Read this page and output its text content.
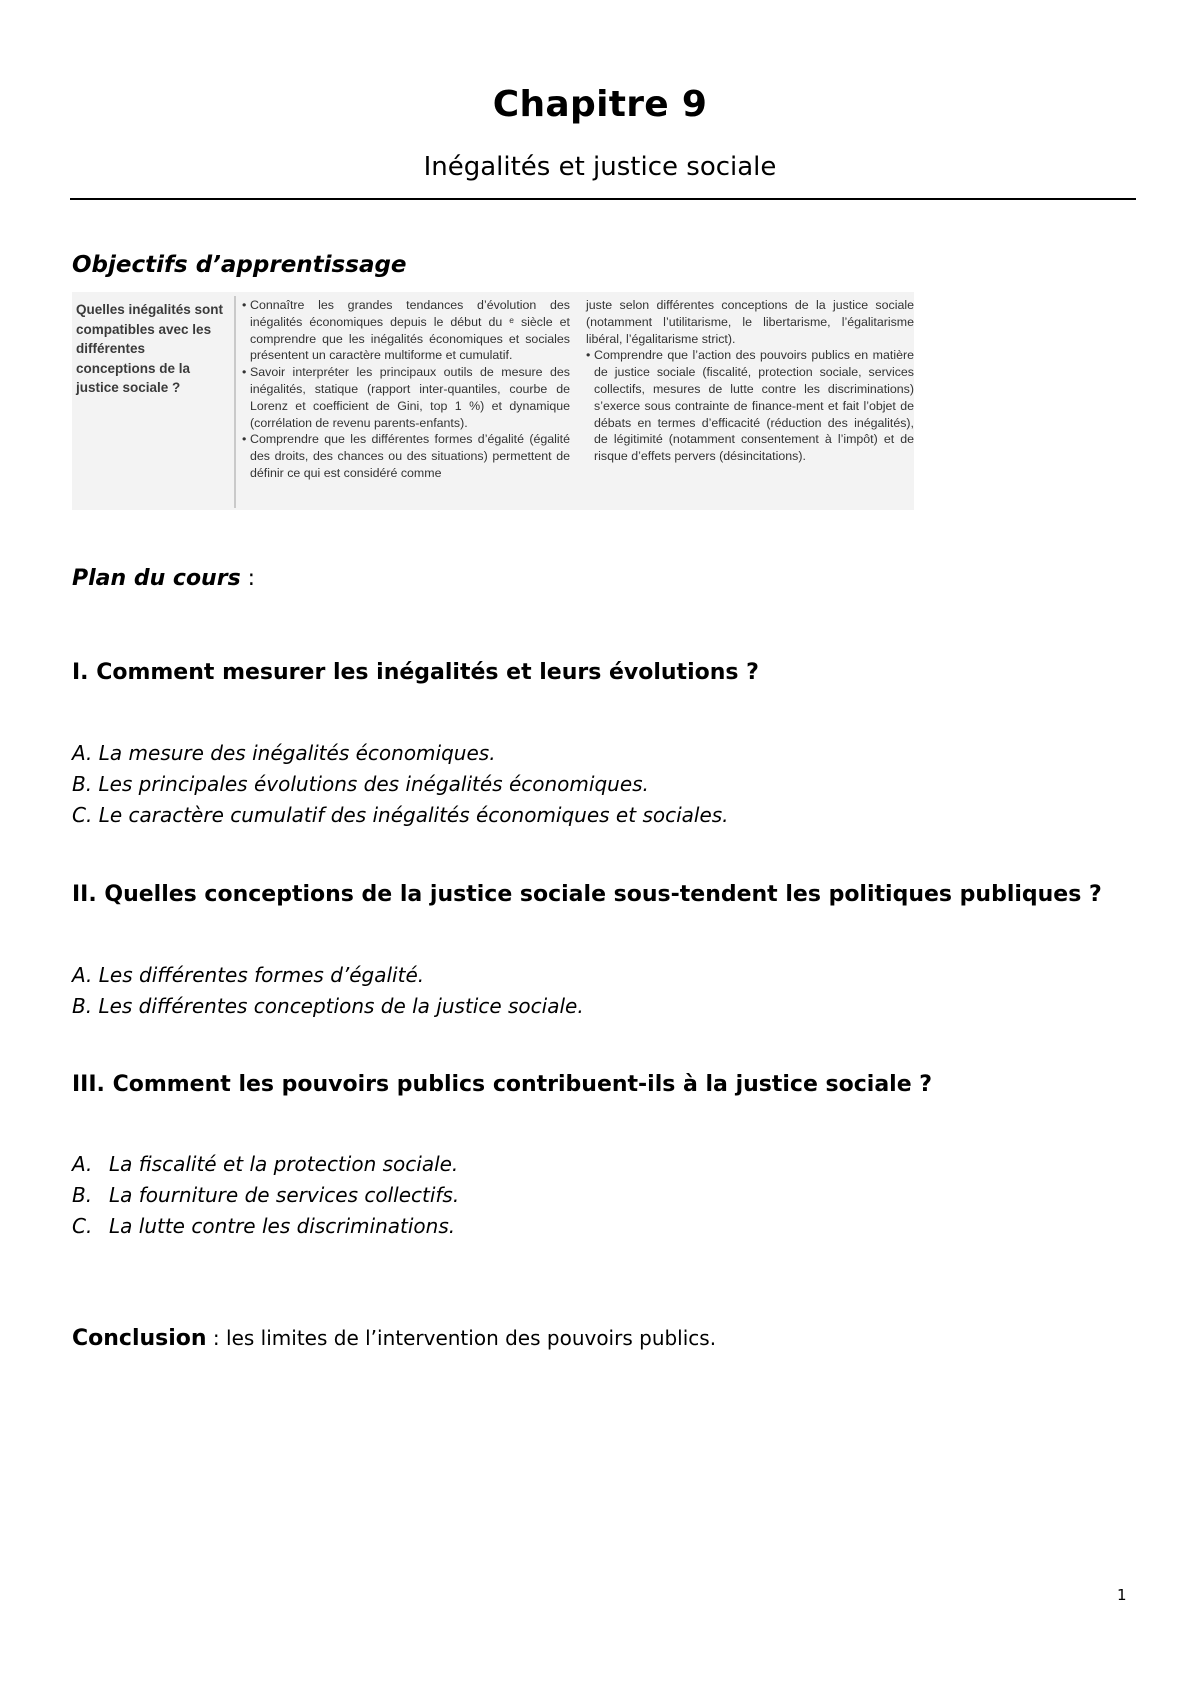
Chapitre 9
Inégalités et justice sociale
Objectifs d’apprentissage
Quelles inégalités sont compatibles avec les différentes conceptions de la justice sociale ?

• Connaître les grandes tendances d’évolution des inégalités économiques depuis le début du ᵉ siècle et comprendre que les inégalités économiques et sociales présentent un caractère multiforme et cumulatif.

• Savoir interpréter les principaux outils de mesure des inégalités, statique (rapport inter-quantiles, courbe de Lorenz et coefficient de Gini, top 1 %) et dynamique (corrélation de revenu parents-enfants).

• Comprendre que les différentes formes d’égalité (égalité des droits, des chances ou des situations) permettent de définir ce qui est considéré comme

juste selon différentes conceptions de la justice sociale (notamment l’utilitarisme, le libertarisme, l’égalitarisme libéral, l’égalitarisme strict).

• Comprendre que l’action des pouvoirs publics en matière de justice sociale (fiscalité, protection sociale, services collectifs, mesures de lutte contre les discriminations) s’exerce sous contrainte de finance-ment et fait l’objet de débats en termes d’efficacité (réduction des inégalités), de légitimité (notamment consentement à l’impôt) et de risque d’effets pervers (désincitations).

Plan du cours :
I. Comment mesurer les inégalités et leurs évolutions ?
A. La mesure des inégalités économiques.
B. Les principales évolutions des inégalités économiques.
C. Le caractère cumulatif des inégalités économiques et sociales.
II. Quelles conceptions de la justice sociale sous-tendent les politiques publiques ?
A. Les différentes formes d’égalité.
B. Les différentes conceptions de la justice sociale.
III. Comment les pouvoirs publics contribuent-ils à la justice sociale ?
A. La fiscalité et la protection sociale.
B. La fourniture de services collectifs.
C. La lutte contre les discriminations.
Conclusion : les limites de l’intervention des pouvoirs publics.
1
